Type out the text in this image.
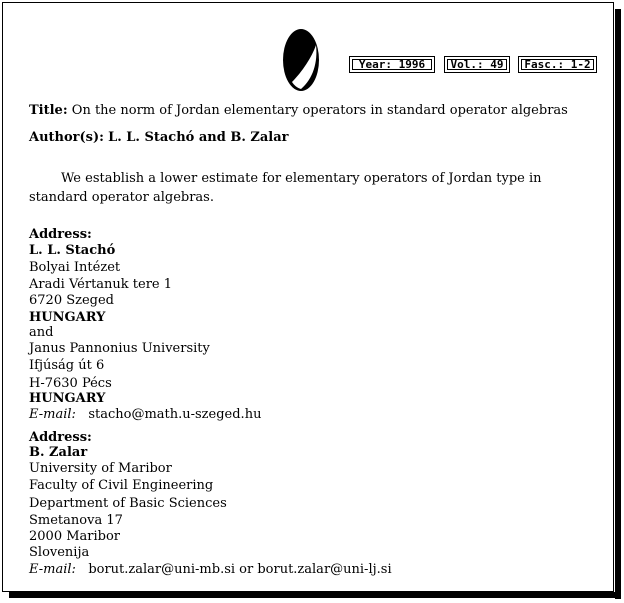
Year: 1996	Vol.: 49	Fasc.: 1-2
Title: On the norm of Jordan elementary operators in standard operator algebras
Author(s): L. L. Stachó and B. Zalar
We establish a lower estimate for elementary operators of Jordan type in standard operator algebras.
Address:
L. L. Stachó
Bolyai Intézet
Aradi Vértanuk tere 1
6720 Szeged
HUNGARY
and
Janus Pannonius University
Ifjúság út 6
H-7630 Pécs
HUNGARY
E-mail: stacho@math.u-szeged.hu
Address:
B. Zalar
University of Maribor
Faculty of Civil Engineering
Department of Basic Sciences
Smetanova 17
2000 Maribor
Slovenija
E-mail: borut.zalar@uni-mb.si or borut.zalar@uni-lj.si
